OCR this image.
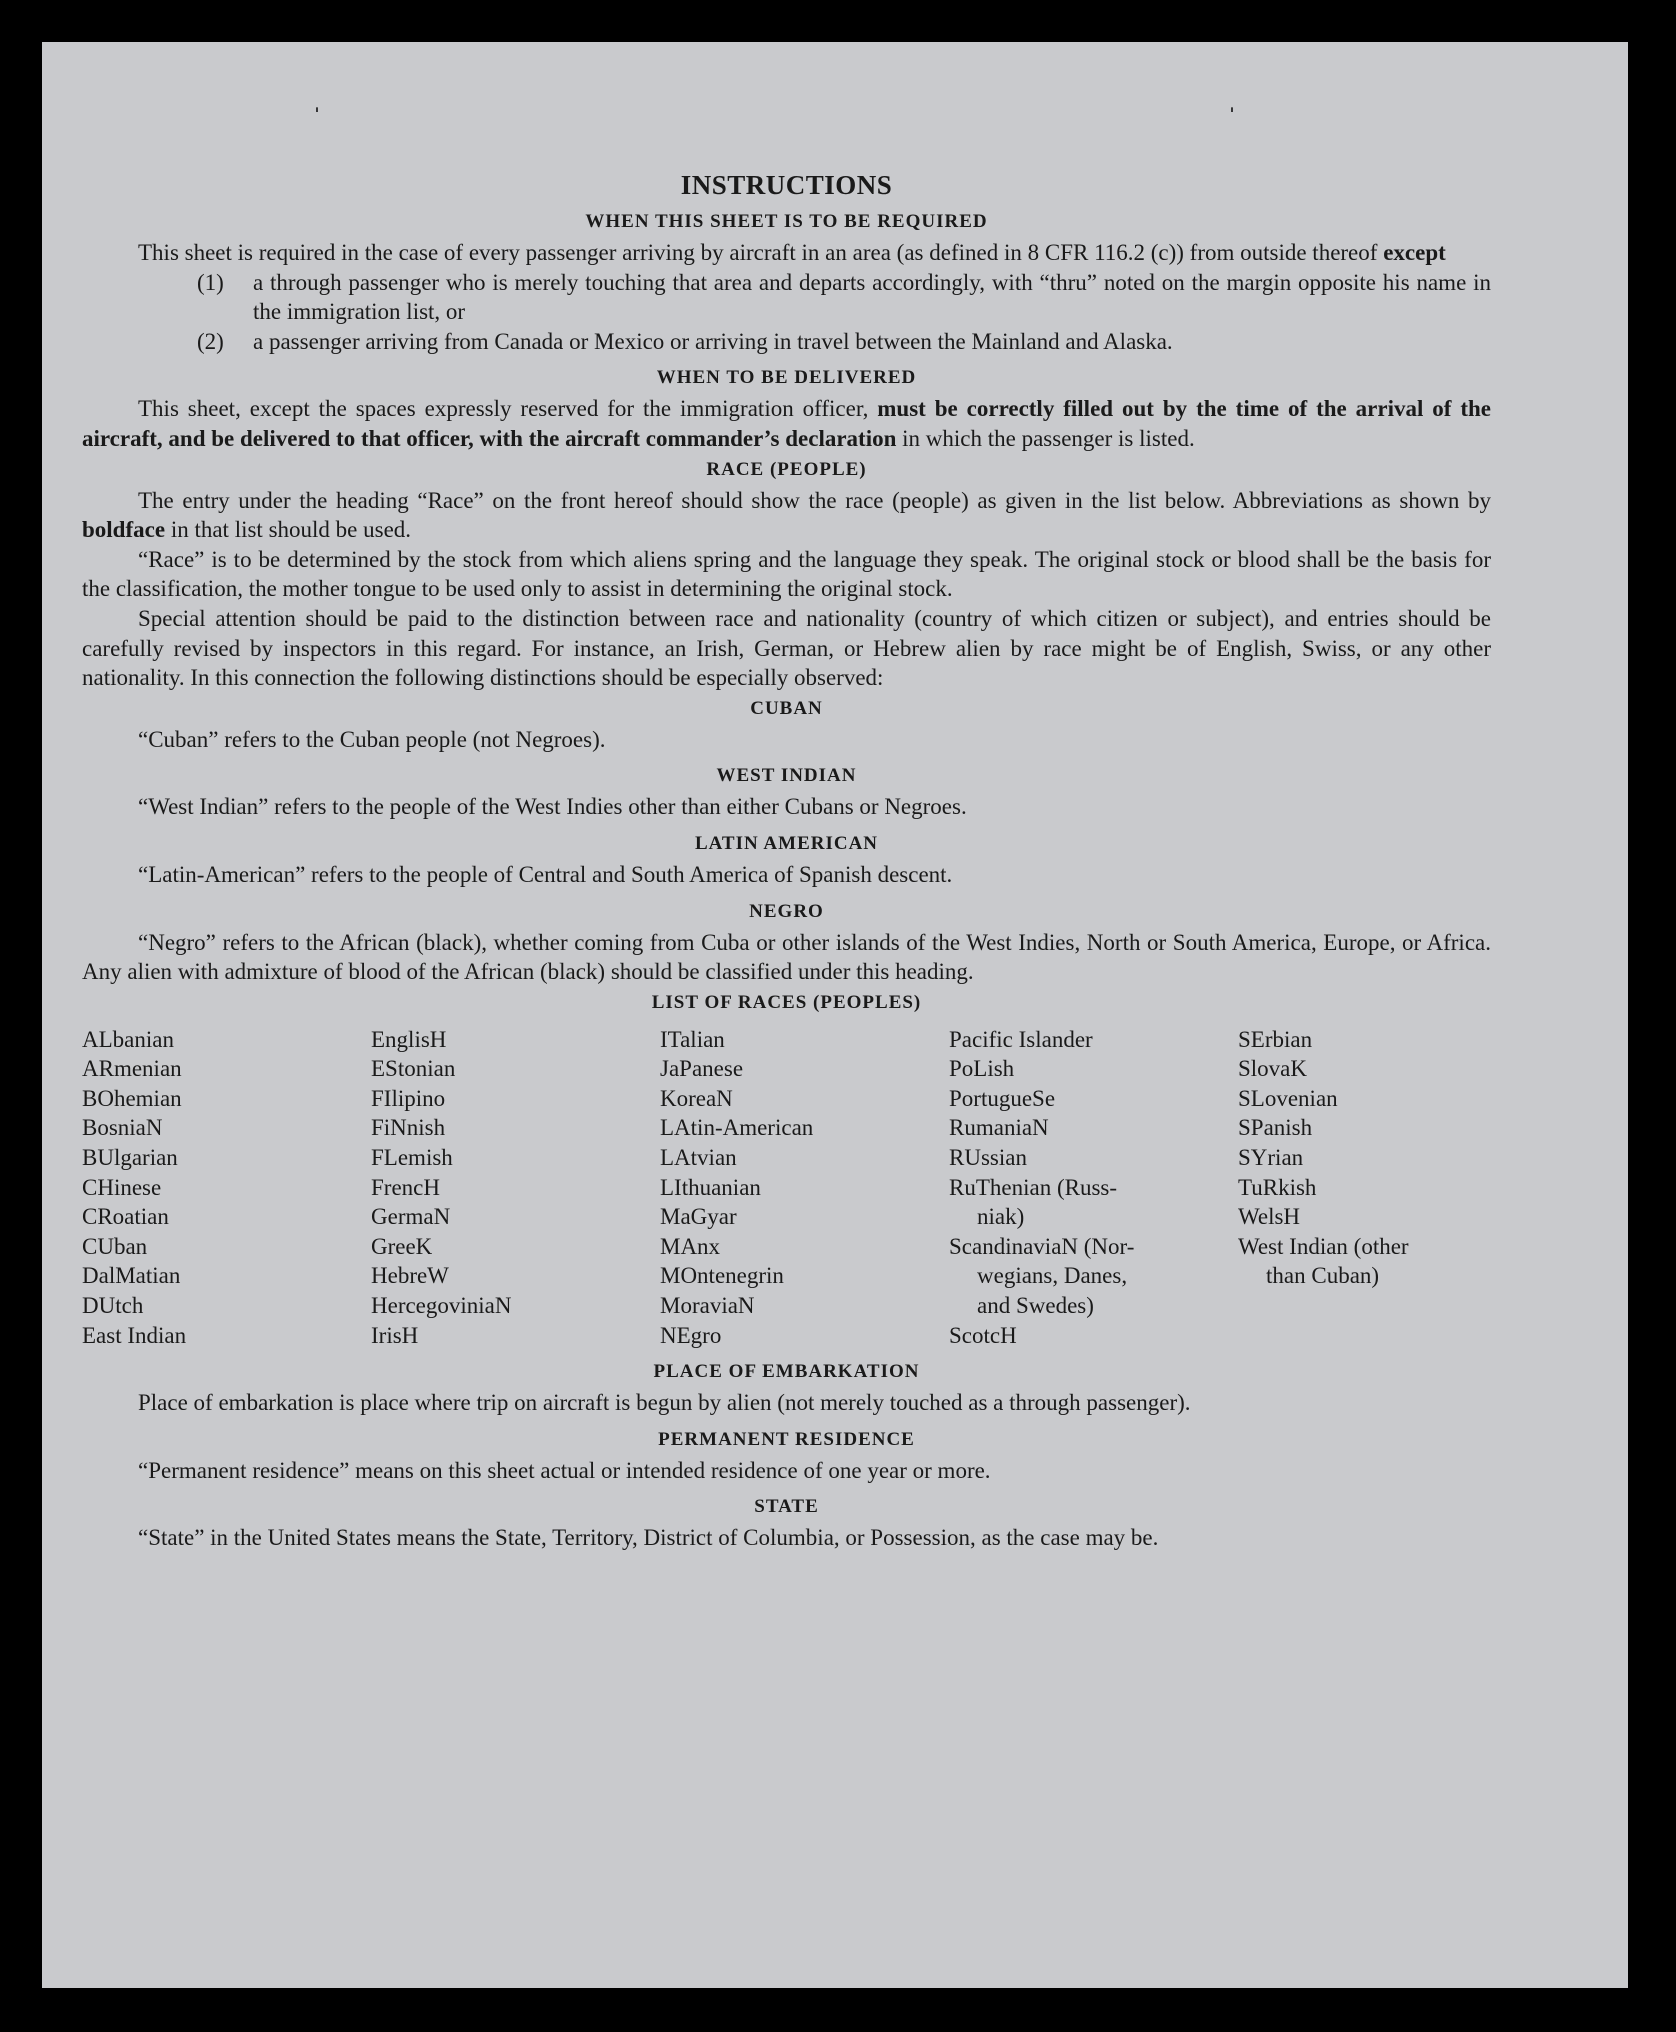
ˈ	ˈ
INSTRUCTIONS
WHEN THIS SHEET IS TO BE REQUIRED

This sheet is required in the case of every passenger arriving by aircraft in an area (as defined in 8 CFR 116.2 (c)) from outside thereof except

(1)	a through passenger who is merely touching that area and departs accordingly, with “thru” noted on the margin opposite his name in the immigration list, or
(2)	a passenger arriving from Canada or Mexico or arriving in travel between the Mainland and Alaska.
WHEN TO BE DELIVERED

This sheet, except the spaces expressly reserved for the immigration officer, must be correctly filled out by the time of the arrival of the aircraft, and be delivered to that officer, with the aircraft commander’s declaration in which the passenger is listed.

RACE (PEOPLE)

The entry under the heading “Race” on the front hereof should show the race (people) as given in the list below. Abbreviations as shown by boldface in that list should be used.

“Race” is to be determined by the stock from which aliens spring and the language they speak. The original stock or blood shall be the basis for the classification, the mother tongue to be used only to assist in determining the original stock.

Special attention should be paid to the distinction between race and nationality (country of which citizen or subject), and entries should be carefully revised by inspectors in this regard. For instance, an Irish, German, or Hebrew alien by race might be of English, Swiss, or any other nationality. In this connection the following distinctions should be especially observed:

CUBAN

“Cuban” refers to the Cuban people (not Negroes).

WEST INDIAN

“West Indian” refers to the people of the West Indies other than either Cubans or Negroes.

LATIN AMERICAN

“Latin-American” refers to the people of Central and South America of Spanish descent.

NEGRO

“Negro” refers to the African (black), whether coming from Cuba or other islands of the West Indies, North or South America, Europe, or Africa. Any alien with admixture of blood of the African (black) should be classified under this heading.

LIST OF RACES (PEOPLES)
ALbanian
ARmenian
BOhemian
BosniaN
BUlgarian
CHinese
CRoatian
CUban
DalMatian
DUtch
East Indian
EnglisH
EStonian
FIlipino
FiNnish
FLemish
FrencH
GermaN
GreeK
HebreW
HercegoviniaN
IrisH
ITalian
JaPanese
KoreaN
LAtin-American
LAtvian
LIthuanian
MaGyar
MAnx
MOntenegrin
MoraviaN
NEgro
Pacific Islander
PoLish
PortugueSe
RumaniaN
RUssian
RuThenian (Russ-
niak)
ScandinaviaN (Nor-
wegians, Danes,
and Swedes)
ScotcH
SErbian
SlovaK
SLovenian
SPanish
SYrian
TuRkish
WelsH
West Indian (other
than Cuban)
PLACE OF EMBARKATION

Place of embarkation is place where trip on aircraft is begun by alien (not merely touched as a through passenger).

PERMANENT RESIDENCE

“Permanent residence” means on this sheet actual or intended residence of one year or more.

STATE

“State” in the United States means the State, Territory, District of Columbia, or Possession, as the case may be.
